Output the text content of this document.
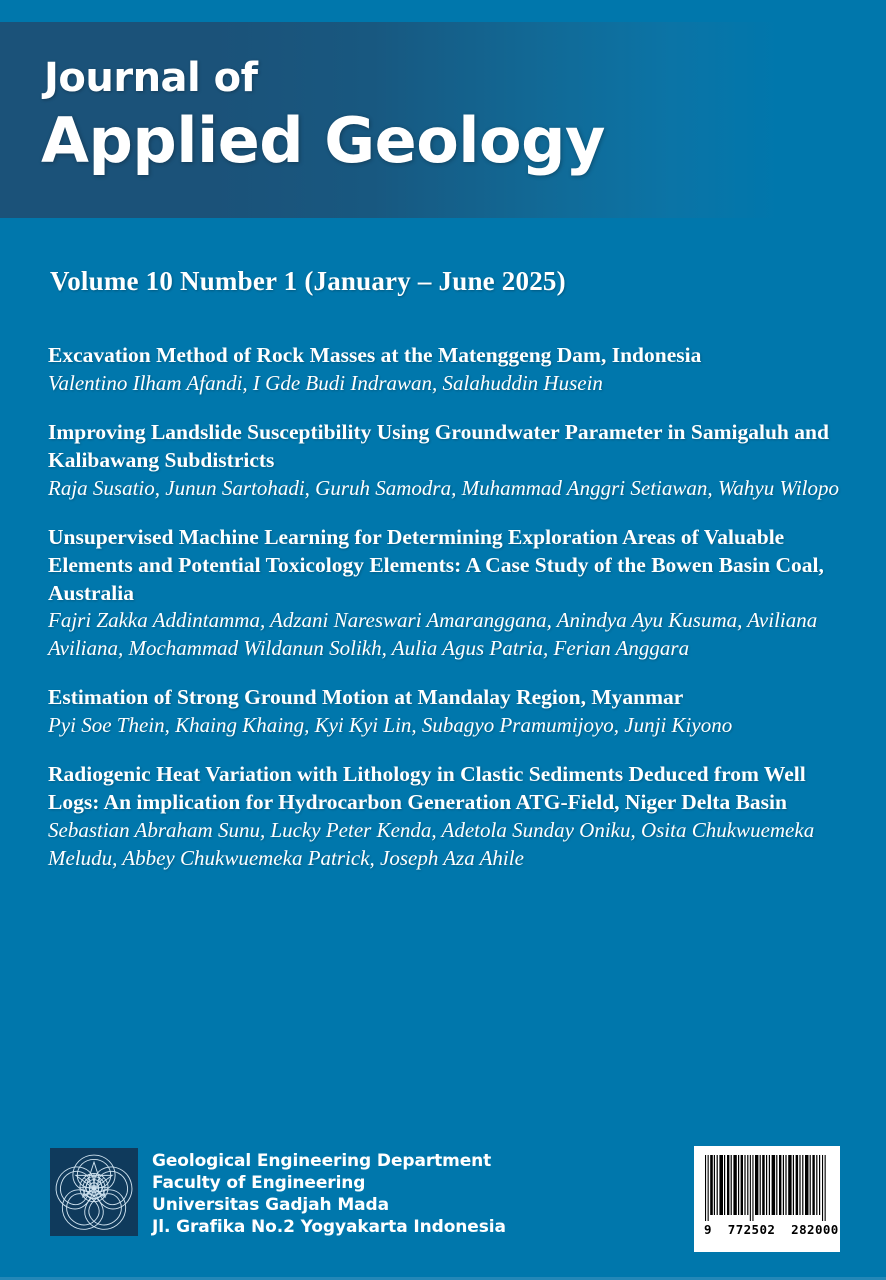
Journal of
Applied Geology
Volume 10 Number 1 (January – June 2025)
Excavation Method of Rock Masses at the Matenggeng Dam, Indonesia
Valentino Ilham Afandi, I Gde Budi Indrawan, Salahuddin Husein
Improving Landslide Susceptibility Using Groundwater Parameter in Samigaluh and Kalibawang Subdistricts
Raja Susatio, Junun Sartohadi, Guruh Samodra, Muhammad Anggri Setiawan, Wahyu Wilopo
Unsupervised Machine Learning for Determining Exploration Areas of Valuable Elements and Potential Toxicology Elements: A Case Study of the Bowen Basin Coal, Australia
Fajri Zakka Addintamma, Adzani Nareswari Amaranggana, Anindya Ayu Kusuma, Aviliana Aviliana, Mochammad Wildanun Solikh, Aulia Agus Patria, Ferian Anggara
Estimation of Strong Ground Motion at Mandalay Region, Myanmar
Pyi Soe Thein, Khaing Khaing, Kyi Kyi Lin, Subagyo Pramumijoyo, Junji Kiyono
Radiogenic Heat Variation with Lithology in Clastic Sediments Deduced from Well Logs: An implication for Hydrocarbon Generation ATG-Field, Niger Delta Basin
Sebastian Abraham Sunu, Lucky Peter Kenda, Adetola Sunday Oniku, Osita Chukwuemeka Meludu, Abbey Chukwuemeka Patrick, Joseph Aza Ahile
Geological Engineering Department
Faculty of Engineering
Universitas Gadjah Mada
Jl. Grafika No.2 Yogyakarta Indonesia	9  772502  282000
